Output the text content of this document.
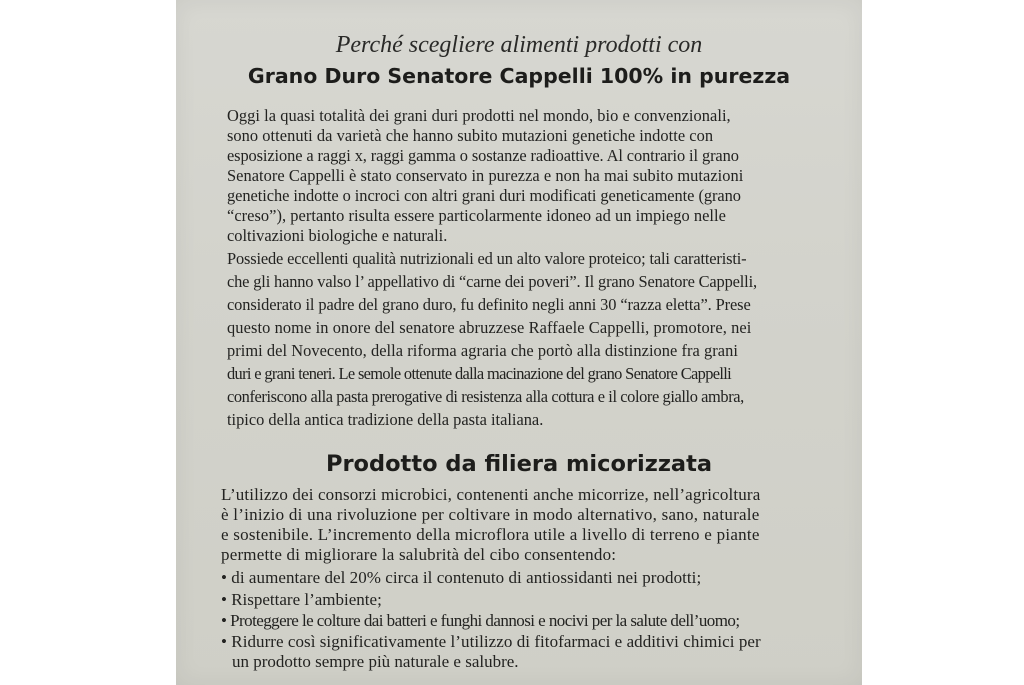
Perché scegliere alimenti prodotti con
Grano Duro Senatore Cappelli 100% in purezza
Oggi la quasi totalità dei grani duri prodotti nel mondo, bio e convenzionali,
sono ottenuti da varietà che hanno subito mutazioni genetiche indotte con
esposizione a raggi x, raggi gamma o sostanze radioattive. Al contrario il grano
Senatore Cappelli è stato conservato in purezza e non ha mai subito mutazioni
genetiche indotte o incroci con altri grani duri modificati geneticamente (grano
“creso”), pertanto risulta essere particolarmente idoneo ad un impiego nelle
coltivazioni biologiche e naturali.
Possiede eccellenti qualità nutrizionali ed un alto valore proteico; tali caratteristi-
che gli hanno valso l’ appellativo di “carne dei poveri”. Il grano Senatore Cappelli,
considerato il padre del grano duro, fu definito negli anni 30 “razza eletta”. Prese
questo nome in onore del senatore abruzzese Raffaele Cappelli, promotore, nei
primi del Novecento, della riforma agraria che portò alla distinzione fra grani
duri e grani teneri. Le semole ottenute dalla macinazione del grano Senatore Cappelli
conferiscono alla pasta prerogative di resistenza alla cottura e il colore giallo ambra,
tipico della antica tradizione della pasta italiana.
Prodotto da filiera micorizzata
L’utilizzo dei consorzi microbici, contenenti anche micorrize, nell’agricoltura
è l’inizio di una rivoluzione per coltivare in modo alternativo, sano, naturale
e sostenibile. L’incremento della microflora utile a livello di terreno e piante
permette di migliorare la salubrità del cibo consentendo:
• di aumentare del 20% circa il contenuto di antiossidanti nei prodotti;
• Rispettare l’ambiente;
• Proteggere le colture dai batteri e funghi dannosi e nocivi per la salute dell’uomo;
• Ridurre così significativamente l’utilizzo di fitofarmaci e additivi chimici per
un prodotto sempre più naturale e salubre.
